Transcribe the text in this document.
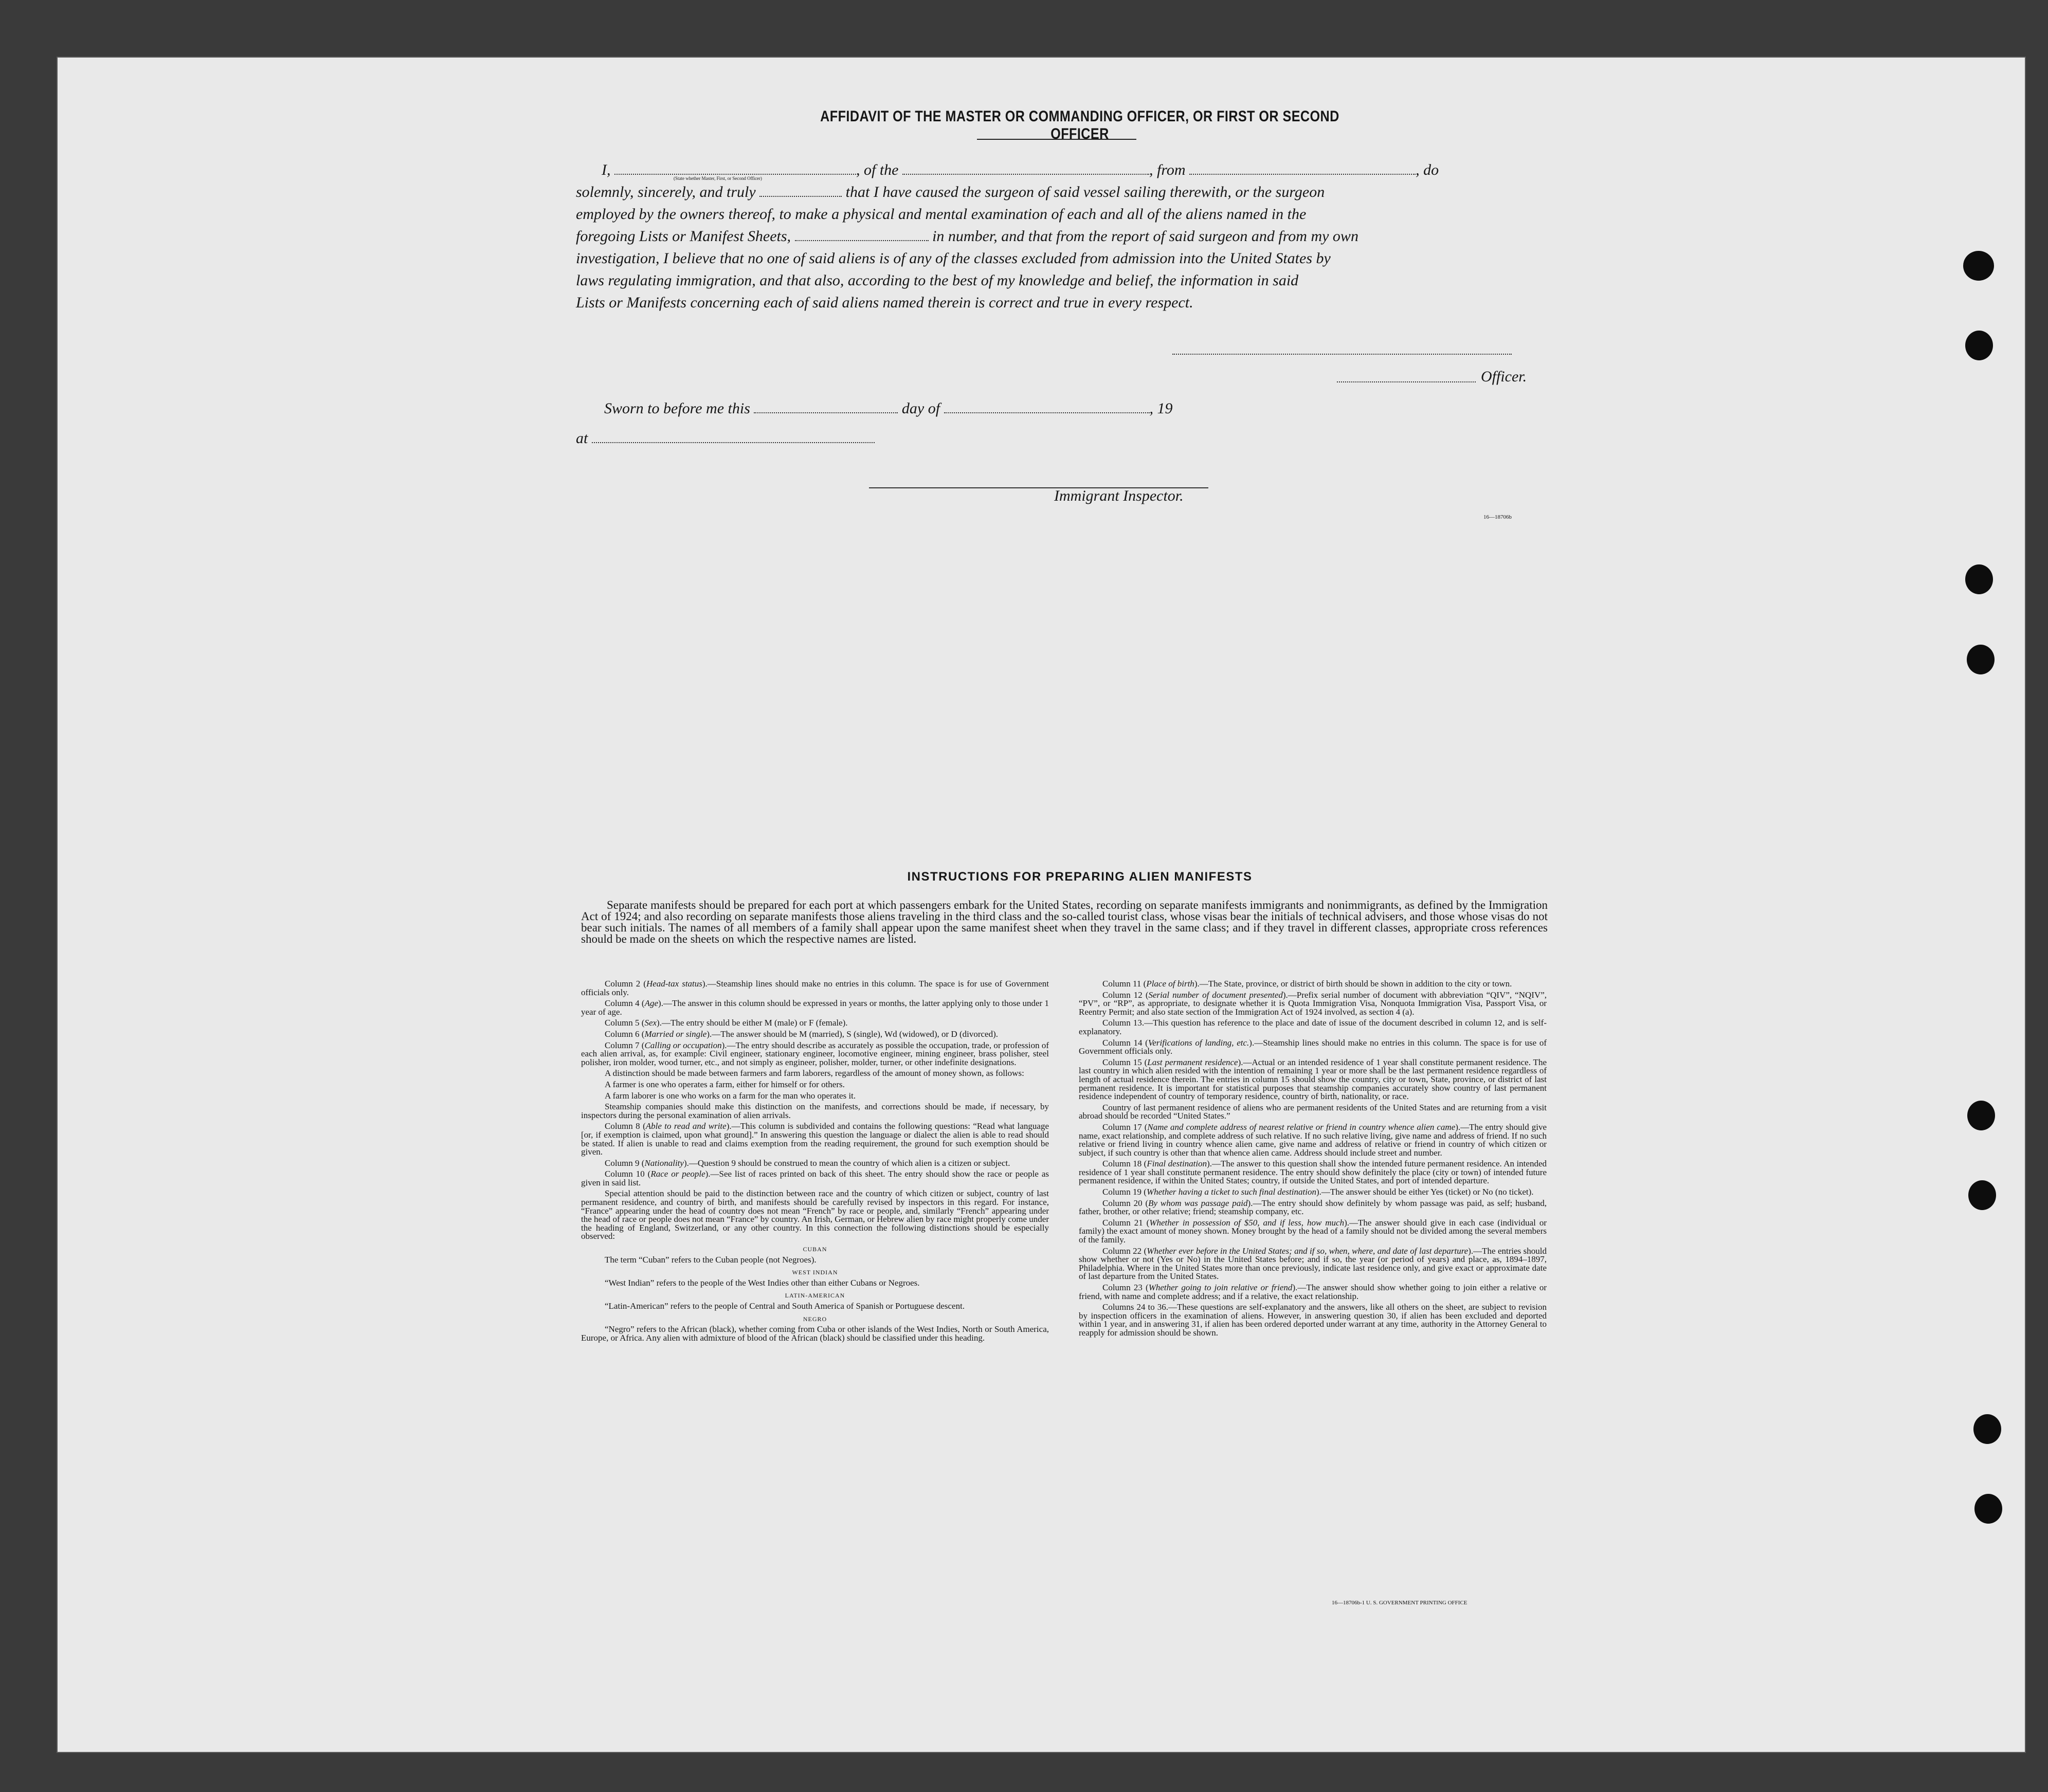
AFFIDAVIT OF THE MASTER OR COMMANDING OFFICER, OR FIRST OR SECOND OFFICER
I,	, of the	, from	, do
(State whether Master, First, or Second Officer)
solemnly, sincerely, and truly	that I have caused the surgeon of said vessel sailing therewith, or the surgeon
employed by the owners thereof, to make a physical and mental examination of each and all of the aliens named in the
foregoing Lists or Manifest Sheets,	in number, and that from the report of said surgeon and from my own
investigation, I believe that no one of said aliens is of any of the classes excluded from admission into the United States by
laws regulating immigration, and that also, according to the best of my knowledge and belief, the information in said
Lists or Manifests concerning each of said aliens named therein is correct and true in every respect.
Officer.
Sworn to before me this	day of	, 19
at
Immigrant Inspector.
16—18706b
INSTRUCTIONS FOR PREPARING ALIEN MANIFESTS
Separate manifests should be prepared for each port at which passengers embark for the United States, recording on separate manifests immigrants and nonimmigrants, as defined by the Immigration Act of 1924; and also recording on separate manifests those aliens traveling in the third class and the so-called tourist class, whose visas bear the initials of technical advisers, and those whose visas do not bear such initials. The names of all members of a family shall appear upon the same manifest sheet when they travel in the same class; and if they travel in different classes, appropriate cross references should be made on the sheets on which the respective names are listed.

Column 2 (Head-tax status).—Steamship lines should make no entries in this column. The space is for use of Government officials only.

Column 4 (Age).—The answer in this column should be expressed in years or months, the latter applying only to those under 1 year of age.

Column 5 (Sex).—The entry should be either M (male) or F (female).

Column 6 (Married or single).—The answer should be M (married), S (single), Wd (widowed), or D (divorced).

Column 7 (Calling or occupation).—The entry should describe as accurately as possible the occupation, trade, or profession of each alien arrival, as, for example: Civil engineer, stationary engineer, locomotive engineer, mining engineer, brass polisher, steel polisher, iron molder, wood turner, etc., and not simply as engineer, polisher, molder, turner, or other indefinite designations.

A distinction should be made between farmers and farm laborers, regardless of the amount of money shown, as follows:

A farmer is one who operates a farm, either for himself or for others.

A farm laborer is one who works on a farm for the man who operates it.

Steamship companies should make this distinction on the manifests, and corrections should be made, if necessary, by inspectors during the personal examination of alien arrivals.

Column 8 (Able to read and write).—This column is subdivided and contains the following questions: “Read what language [or, if exemption is claimed, upon what ground].” In answering this question the language or dialect the alien is able to read should be stated. If alien is unable to read and claims exemption from the reading requirement, the ground for such exemption should be given.

Column 9 (Nationality).—Question 9 should be construed to mean the country of which alien is a citizen or subject.

Column 10 (Race or people).—See list of races printed on back of this sheet. The entry should show the race or people as given in said list.

Special attention should be paid to the distinction between race and the country of which citizen or subject, country of last permanent residence, and country of birth, and manifests should be carefully revised by inspectors in this regard. For instance, “France” appearing under the head of country does not mean “French” by race or people, and, similarly “French” appearing under the head of race or people does not mean “France” by country. An Irish, German, or Hebrew alien by race might properly come under the heading of England, Switzerland, or any other country. In this connection the following distinctions should be especially observed:

CUBAN

The term “Cuban” refers to the Cuban people (not Negroes).

WEST INDIAN

“West Indian” refers to the people of the West Indies other than either Cubans or Negroes.

LATIN-AMERICAN

“Latin-American” refers to the people of Central and South America of Spanish or Portuguese descent.

NEGRO

“Negro” refers to the African (black), whether coming from Cuba or other islands of the West Indies, North or South America, Europe, or Africa. Any alien with admixture of blood of the African (black) should be classified under this heading.

Column 11 (Place of birth).—The State, province, or district of birth should be shown in addition to the city or town.

Column 12 (Serial number of document presented).—Prefix serial number of document with abbreviation “QIV”, “NQIV”, “PV”, or “RP”, as appropriate, to designate whether it is Quota Immigration Visa, Nonquota Immigration Visa, Passport Visa, or Reentry Permit; and also state section of the Immigration Act of 1924 involved, as section 4 (a).

Column 13.—This question has reference to the place and date of issue of the document described in column 12, and is self-explanatory.

Column 14 (Verifications of landing, etc.).—Steamship lines should make no entries in this column. The space is for use of Government officials only.

Column 15 (Last permanent residence).—Actual or an intended residence of 1 year shall constitute permanent residence. The last country in which alien resided with the intention of remaining 1 year or more shall be the last permanent residence regardless of length of actual residence therein. The entries in column 15 should show the country, city or town, State, province, or district of last permanent residence. It is important for statistical purposes that steamship companies accurately show country of last permanent residence independent of country of temporary residence, country of birth, nationality, or race.

Country of last permanent residence of aliens who are permanent residents of the United States and are returning from a visit abroad should be recorded “United States.”

Column 17 (Name and complete address of nearest relative or friend in country whence alien came).—The entry should give name, exact relationship, and complete address of such relative. If no such relative living, give name and address of friend. If no such relative or friend living in country whence alien came, give name and address of relative or friend in country of which citizen or subject, if such country is other than that whence alien came. Address should include street and number.

Column 18 (Final destination).—The answer to this question shall show the intended future permanent residence. An intended residence of 1 year shall constitute permanent residence. The entry should show definitely the place (city or town) of intended future permanent residence, if within the United States; country, if outside the United States, and port of intended departure.

Column 19 (Whether having a ticket to such final destination).—The answer should be either Yes (ticket) or No (no ticket).

Column 20 (By whom was passage paid).—The entry should show definitely by whom passage was paid, as self; husband, father, brother, or other relative; friend; steamship company, etc.

Column 21 (Whether in possession of $50, and if less, how much).—The answer should give in each case (individual or family) the exact amount of money shown. Money brought by the head of a family should not be divided among the several members of the family.

Column 22 (Whether ever before in the United States; and if so, when, where, and date of last departure).—The entries should show whether or not (Yes or No) in the United States before; and if so, the year (or period of years) and place, as, 1894–1897, Philadelphia. Where in the United States more than once previously, indicate last residence only, and give exact or approximate date of last departure from the United States.

Column 23 (Whether going to join relative or friend).—The answer should show whether going to join either a relative or friend, with name and complete address; and if a relative, the exact relationship.

Columns 24 to 36.—These questions are self-explanatory and the answers, like all others on the sheet, are subject to revision by inspection officers in the examination of aliens. However, in answering question 30, if alien has been excluded and deported within 1 year, and in answering 31, if alien has been ordered deported under warrant at any time, authority in the Attorney General to reapply for admission should be shown.

16—18706b-1 U. S. GOVERNMENT PRINTING OFFICE
